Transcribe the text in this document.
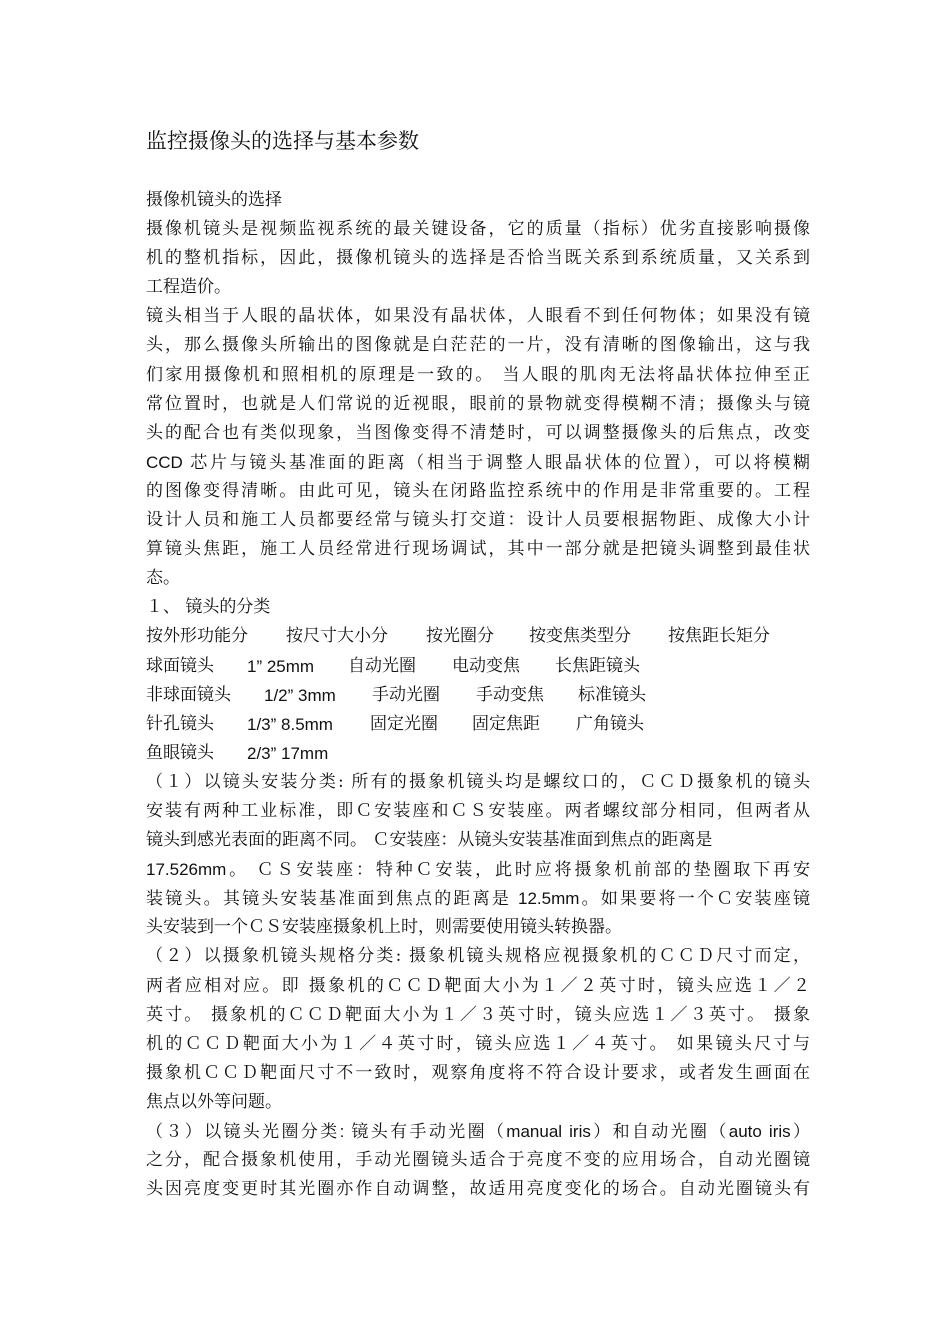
监控摄像头的选择与基本参数
摄像机镜头的选择
摄像机镜头是视频监视系统的最关键设备，它的质量（指标）优劣直接影响摄像
机的整机指标，因此，摄像机镜头的选择是否恰当既关系到系统质量，又关系到
工程造价。
镜头相当于人眼的晶状体，如果没有晶状体，人眼看不到任何物体；如果没有镜
头，那么摄像头所输出的图像就是白茫茫的一片，没有清晰的图像输出，这与我
们家用摄像机和照相机的原理是一致的。 当人眼的肌肉无法将晶状体拉伸至正
常位置时，也就是人们常说的近视眼，眼前的景物就变得模糊不清；摄像头与镜
头的配合也有类似现象，当图像变得不清楚时，可以调整摄像头的后焦点，改变
CCD 芯片与镜头基准面的距离（相当于调整人眼晶状体的位置），可以将模糊
的图像变得清晰。由此可见，镜头在闭路监控系统中的作用是非常重要的。工程
设计人员和施工人员都要经常与镜头打交道：设计人员要根据物距、成像大小计
算镜头焦距，施工人员经常进行现场调试，其中一部分就是把镜头调整到最佳状
态。
１、 镜头的分类
按外形功能分 按尺寸大小分 按光圈分 按变焦类型分 按焦距长矩分
球面镜头 1” 25mm 自动光圈 电动变焦 长焦距镜头
非球面镜头 1/2” 3mm 手动光圈 手动变焦 标准镜头
针孔镜头 1/3” 8.5mm 固定光圈 固定焦距 广角镜头
鱼眼镜头 2/3” 17mm
（１）以镜头安装分类: 所有的摄象机镜头均是螺纹口的，ＣＣＤ摄象机的镜头
安装有两种工业标准，即Ｃ安装座和ＣＳ安装座。两者螺纹部分相同，但两者从
镜头到感光表面的距离不同。 Ｃ安装座：从镜头安装基准面到焦点的距离是
17.526mm。 ＣＳ安装座：特种Ｃ安装，此时应将摄象机前部的垫圈取下再安
装镜头。其镜头安装基准面到焦点的距离是 12.5mm。如果要将一个Ｃ安装座镜
头安装到一个ＣＳ安装座摄象机上时，则需要使用镜头转换器。
（２）以摄象机镜头规格分类: 摄象机镜头规格应视摄象机的ＣＣＤ尺寸而定，
两者应相对应。即 摄象机的ＣＣＤ靶面大小为１／２英寸时，镜头应选１／２
英寸。 摄象机的ＣＣＤ靶面大小为１／３英寸时，镜头应选１／３英寸。 摄象
机的ＣＣＤ靶面大小为１／４英寸时，镜头应选１／４英寸。 如果镜头尺寸与
摄象机ＣＣＤ靶面尺寸不一致时，观察角度将不符合设计要求，或者发生画面在
焦点以外等问题。
（３）以镜头光圈分类: 镜头有手动光圈（manual iris）和自动光圈（auto iris）
之分，配合摄象机使用，手动光圈镜头适合于亮度不变的应用场合，自动光圈镜
头因亮度变更时其光圈亦作自动调整，故适用亮度变化的场合。自动光圈镜头有
